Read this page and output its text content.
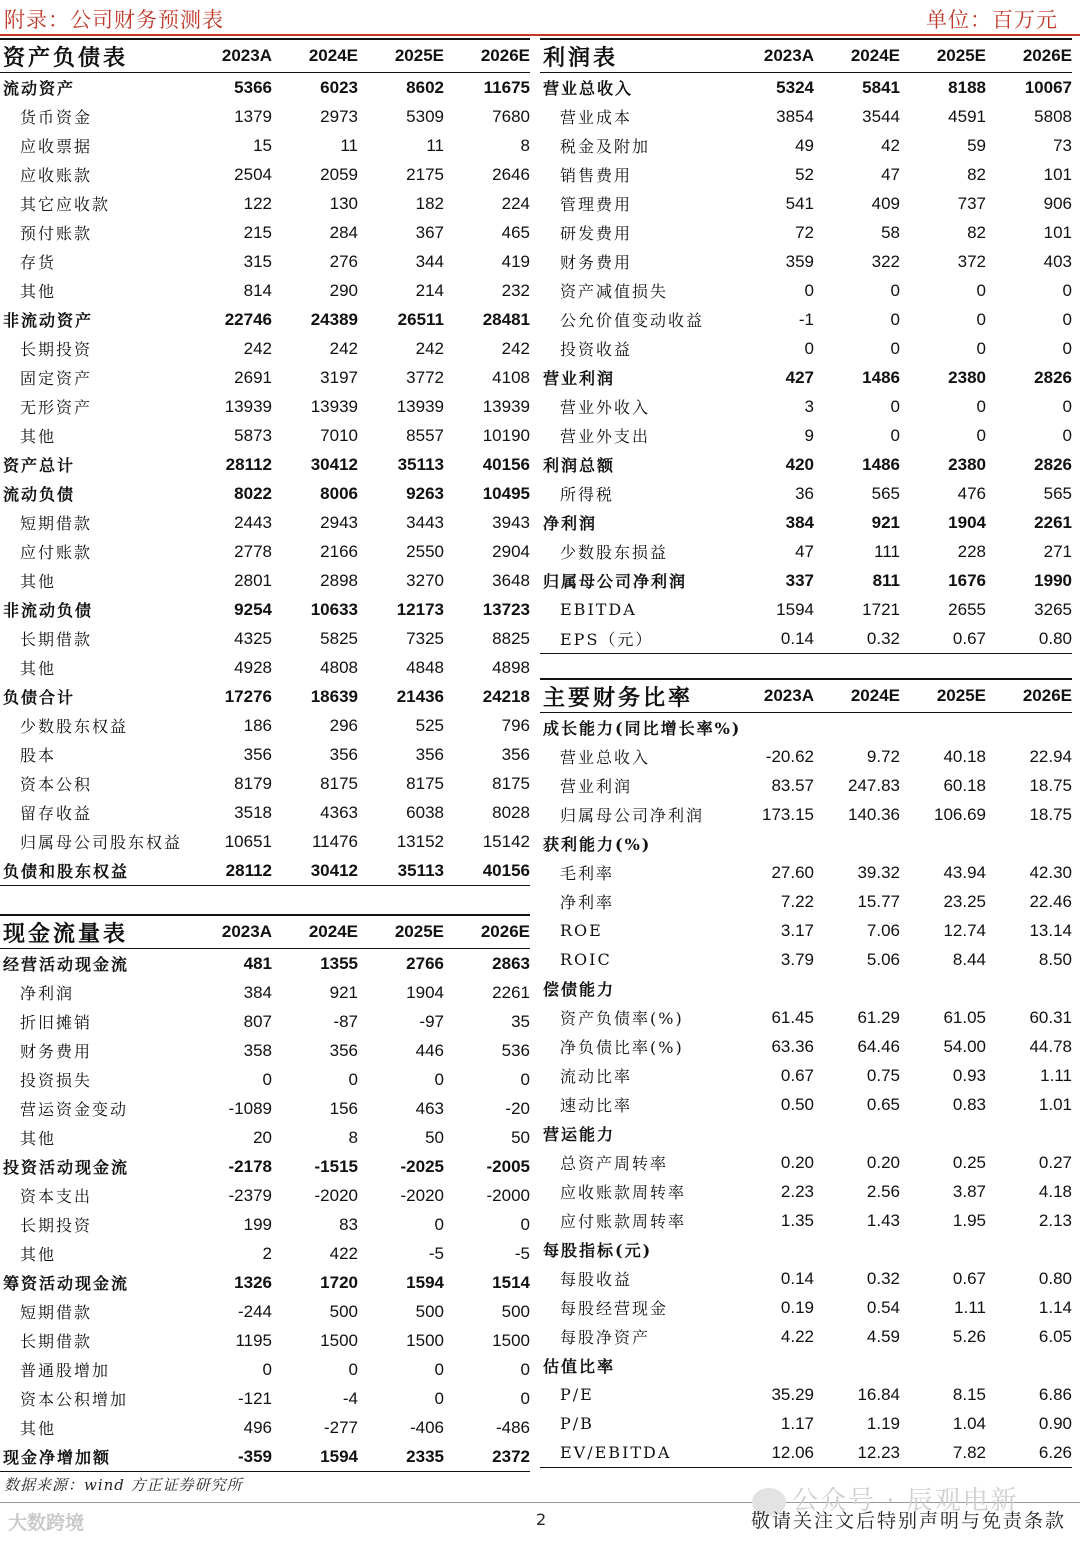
附录：公司财务预测表	单位：百万元
资产负债表	2023A	2024E	2025E	2026E
流动资产	5366	6023	8602	11675
货币资金	1379	2973	5309	7680
应收票据	15	11	11	8
应收账款	2504	2059	2175	2646
其它应收款	122	130	182	224
预付账款	215	284	367	465
存货	315	276	344	419
其他	814	290	214	232
非流动资产	22746	24389	26511	28481
长期投资	242	242	242	242
固定资产	2691	3197	3772	4108
无形资产	13939	13939	13939	13939
其他	5873	7010	8557	10190
资产总计	28112	30412	35113	40156
流动负债	8022	8006	9263	10495
短期借款	2443	2943	3443	3943
应付账款	2778	2166	2550	2904
其他	2801	2898	3270	3648
非流动负债	9254	10633	12173	13723
长期借款	4325	5825	7325	8825
其他	4928	4808	4848	4898
负债合计	17276	18639	21436	24218
少数股东权益	186	296	525	796
股本	356	356	356	356
资本公积	8179	8175	8175	8175
留存收益	3518	4363	6038	8028
归属母公司股东权益	10651	11476	13152	15142
负债和股东权益	28112	30412	35113	40156
利润表	2023A	2024E	2025E	2026E
营业总收入	5324	5841	8188	10067
营业成本	3854	3544	4591	5808
税金及附加	49	42	59	73
销售费用	52	47	82	101
管理费用	541	409	737	906
研发费用	72	58	82	101
财务费用	359	322	372	403
资产减值损失	0	0	0	0
公允价值变动收益	-1	0	0	0
投资收益	0	0	0	0
营业利润	427	1486	2380	2826
营业外收入	3	0	0	0
营业外支出	9	0	0	0
利润总额	420	1486	2380	2826
所得税	36	565	476	565
净利润	384	921	1904	2261
少数股东损益	47	111	228	271
归属母公司净利润	337	811	1676	1990
EBITDA	1594	1721	2655	3265
EPS（元）	0.14	0.32	0.67	0.80
主要财务比率	2023A	2024E	2025E	2026E
成长能力(同比增长率%)
营业总收入	-20.62	9.72	40.18	22.94
营业利润	83.57	247.83	60.18	18.75
归属母公司净利润	173.15	140.36	106.69	18.75
获利能力(%)
毛利率	27.60	39.32	43.94	42.30
净利率	7.22	15.77	23.25	22.46
ROE	3.17	7.06	12.74	13.14
ROIC	3.79	5.06	8.44	8.50
偿债能力
资产负债率(%)	61.45	61.29	61.05	60.31
净负债比率(%)	63.36	64.46	54.00	44.78
流动比率	0.67	0.75	0.93	1.11
速动比率	0.50	0.65	0.83	1.01
营运能力
总资产周转率	0.20	0.20	0.25	0.27
应收账款周转率	2.23	2.56	3.87	4.18
应付账款周转率	1.35	1.43	1.95	2.13
每股指标(元)
每股收益	0.14	0.32	0.67	0.80
每股经营现金	0.19	0.54	1.11	1.14
每股净资产	4.22	4.59	5.26	6.05
估值比率
P/E	35.29	16.84	8.15	6.86
P/B	1.17	1.19	1.04	0.90
EV/EBITDA	12.06	12.23	7.82	6.26
现金流量表	2023A	2024E	2025E	2026E
经营活动现金流	481	1355	2766	2863
净利润	384	921	1904	2261
折旧摊销	807	-87	-97	35
财务费用	358	356	446	536
投资损失	0	0	0	0
营运资金变动	-1089	156	463	-20
其他	20	8	50	50
投资活动现金流	-2178	-1515	-2025	-2005
资本支出	-2379	-2020	-2020	-2000
长期投资	199	83	0	0
其他	2	422	-5	-5
筹资活动现金流	1326	1720	1594	1514
短期借款	-244	500	500	500
长期借款	1195	1500	1500	1500
普通股增加	0	0	0	0
资本公积增加	-121	-4	0	0
其他	496	-277	-406	-486
现金净增加额	-359	1594	2335	2372
数据来源：wind 方正证券研究所
大数跨境
公众号 · 辰观电新
2	敬请关注文后特别声明与免责条款
